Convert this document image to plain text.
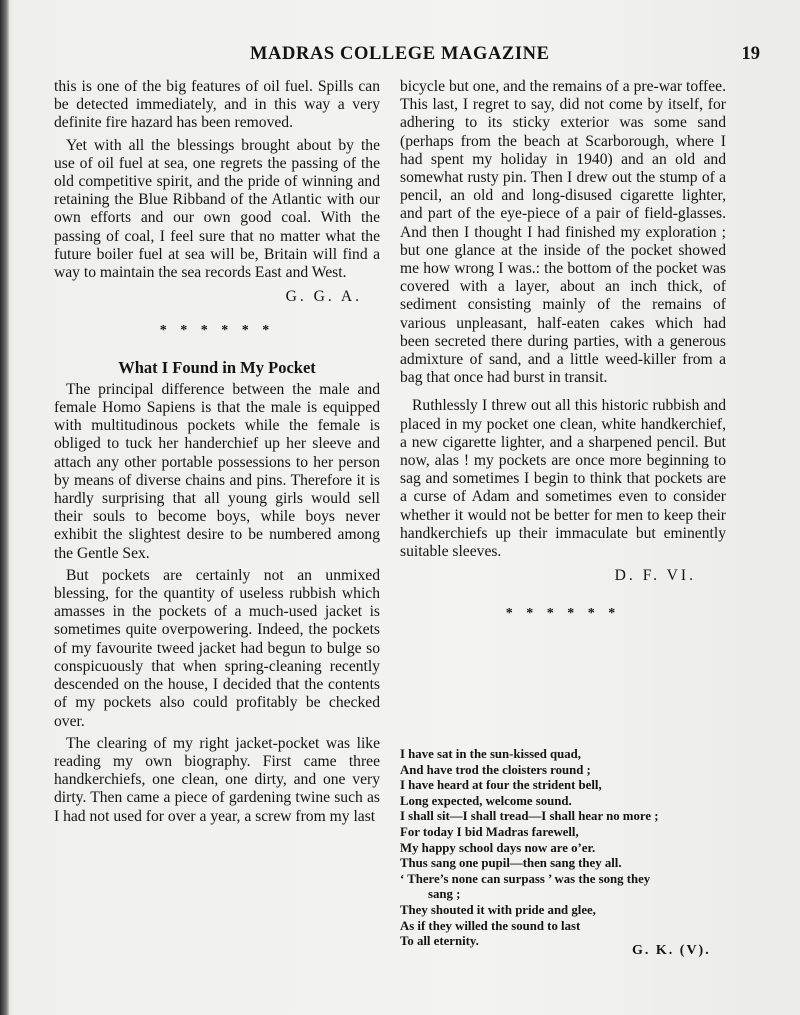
MADRAS COLLEGE MAGAZINE	19

this is one of the big features of oil fuel. Spills can be detected immediately, and in this way a very definite fire hazard has been removed.

Yet with all the blessings brought about by the use of oil fuel at sea, one regrets the passing of the old competitive spirit, and the pride of winning and retaining the Blue Ribband of the Atlantic with our own efforts and our own good coal. With the passing of coal, I feel sure that no matter what the future boiler fuel at sea will be, Britain will find a way to maintain the sea records East and West.

G. G. A.
* * * * * *
What I Found in My Pocket

The principal difference between the male and female Homo Sapiens is that the male is equipped with multitudinous pockets while the female is obliged to tuck her handerchief up her sleeve and attach any other portable possessions to her person by means of diverse chains and pins. Therefore it is hardly surprising that all young girls would sell their souls to become boys, while boys never exhibit the slightest desire to be numbered among the Gentle Sex.

But pockets are certainly not an unmixed blessing, for the quantity of useless rubbish which amasses in the pockets of a much-used jacket is sometimes quite overpowering. Indeed, the pockets of my favourite tweed jacket had begun to bulge so conspicuously that when spring-cleaning recently descended on the house, I decided that the contents of my pockets also could profitably be checked over.

The clearing of my right jacket-pocket was like reading my own biography. First came three handkerchiefs, one clean, one dirty, and one very dirty. Then came a piece of gardening twine such as I had not used for over a year, a screw from my last

bicycle but one, and the remains of a pre-war toffee. This last, I regret to say, did not come by itself, for adhering to its sticky exterior was some sand (perhaps from the beach at Scarborough, where I had spent my holiday in 1940) and an old and somewhat rusty pin. Then I drew out the stump of a pencil, an old and long-disused cigarette lighter, and part of the eye-piece of a pair of field-glasses. And then I thought I had finished my exploration ; but one glance at the inside of the pocket showed me how wrong I was.: the bottom of the pocket was covered with a layer, about an inch thick, of sediment consisting mainly of the remains of various unpleasant, half-eaten cakes which had been secreted there during parties, with a generous admixture of sand, and a little weed-killer from a bag that once had burst in transit.

Ruthlessly I threw out all this historic rubbish and placed in my pocket one clean, white handkerchief, a new cigarette lighter, and a sharpened pencil. But now, alas ! my pockets are once more beginning to sag and sometimes I begin to think that pockets are a curse of Adam and sometimes even to consider whether it would not be better for men to keep their handkerchiefs up their immaculate but eminently suitable sleeves.

D. F. VI.
* * * * * *
I have sat in the sun-kissed quad,
And have trod the cloisters round ;
I have heard at four the strident bell,
Long expected, welcome sound.
I shall sit—I shall tread—I shall hear no more ;
For today I bid Madras farewell,
My happy school days now are o’er.
Thus sang one pupil—then sang they all.
‘ There’s none can surpass ’ was the song they
sang ;
They shouted it with pride and glee,
As if they willed the sound to last
To all eternity.
G. K. (V).
